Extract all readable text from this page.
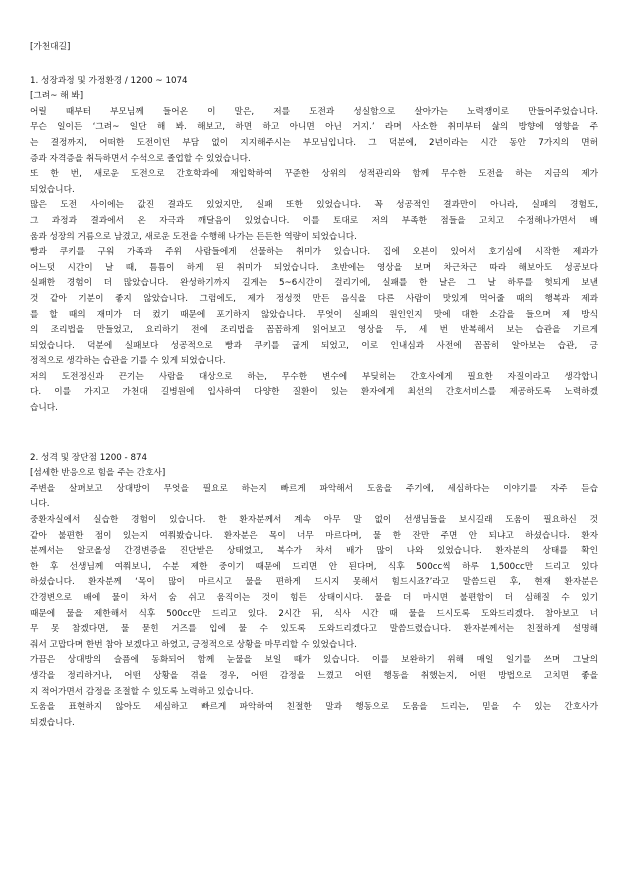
[가천대길]
1. 성장과정 및 가정환경 / 1200 ~ 1074
[그려~ 해 봐]
어릴 때부터 부모님께 들어온 이 말은, 저를 도전과 성실함으로 살아가는 노력쟁이로 만들어주었습니다.
무슨 일이든 ‘그려~ 일단 해 봐. 해보고, 하면 하고 아니면 아닌 거지.’ 라며 사소한 취미부터 삶의 방향에 영향을 주
는 결정까지, 어떠한 도전이던 부담 없이 지지해주시는 부모님입니다. 그 덕분에, 2년이라는 시간 동안 7가지의 면허
증과 자격증을 취득하면서 수석으로 졸업할 수 있었습니다.
또 한 번, 새로운 도전으로 간호학과에 재입학하여 꾸준한 상위의 성적관리와 함께 무수한 도전을 하는 지금의 제가
되었습니다.
많은 도전 사이에는 값진 결과도 있었지만, 실패 또한 있었습니다. 꼭 성공적인 결과만이 아니라, 실패의 경험도,
그 과정과 결과에서 온 자극과 깨달음이 있었습니다. 이를 토대로 저의 부족한 점들을 고치고 수정해나가면서 배
움과 성장의 거름으로 남겼고, 새로운 도전을 수행해 나가는 든든한 역량이 되었습니다.
빵과 쿠키를 구워 가족과 주위 사람들에게 선물하는 취미가 있습니다. 집에 오븐이 있어서 호기심에 시작한 제과가
어느덧 시간이 날 때, 틈틈이 하게 된 취미가 되었습니다. 초반에는 영상을 보며 차근차근 따라 해보아도 성공보다
실패한 경험이 더 많았습니다. 완성하기까지 길게는 5~6시간이 걸리기에, 실패를 한 날은 그 날 하루를 헛되게 보낸
것 같아 기분이 좋지 않았습니다. 그럼에도, 제가 정성껏 만든 음식을 다른 사람이 맛있게 먹어줄 때의 행복과 제과
를 할 때의 재미가 더 컸기 때문에 포기하지 않았습니다. 무엇이 실패의 원인인지 맛에 대한 소감을 들으며 제 방식
의 조리법을 만들었고, 요리하기 전에 조리법을 꼼꼼하게 읽어보고 영상을 두, 세 번 반복해서 보는 습관을 기르게
되었습니다. 덕분에 실패보다 성공적으로 빵과 쿠키를 굽게 되었고, 이로 인내심과 사전에 꼼꼼히 알아보는 습관, 긍
정적으로 생각하는 습관을 기를 수 있게 되었습니다.
저의 도전정신과 끈기는 사람을 대상으로 하는, 무수한 변수에 부딪히는 간호사에게 필요한 자질이라고 생각합니
다. 이를 가지고 가천대 길병원에 입사하여 다양한 질환이 있는 환자에게 최선의 간호서비스를 제공하도록 노력하겠
습니다.
2. 성격 및 장단점 1200 - 874
[섬세한 반응으로 힘을 주는 간호사]
주변을 살펴보고 상대방이 무엇을 필요로 하는지 빠르게 파악해서 도움을 주기에, 세심하다는 이야기를 자주 듣습
니다.
중환자실에서 실습한 경험이 있습니다. 한 환자분께서 계속 아무 말 없이 선생님들을 보시길래 도움이 필요하신 것
같아 불편한 점이 있는지 여쭤봤습니다. 환자분은 목이 너무 마르다며, 물 한 잔만 주면 안 되냐고 하셨습니다. 환자
분께서는 알코올성 간경변증을 진단받은 상태였고, 복수가 차서 배가 많이 나와 있었습니다. 환자분의 상태를 확인
한 후 선생님께 여쭤보니, 수분 제한 중이기 때문에 드리면 안 된다며, 식후 500cc씩 하루 1,500cc만 드리고 있다
하셨습니다. 환자분께 ‘목이 많이 마르시고 물을 편하게 드시지 못해서 힘드시죠?’라고 말씀드린 후, 현재 환자분은
간경변으로 배에 물이 차서 숨 쉬고 움직이는 것이 힘든 상태이시다. 물을 더 마시면 불편함이 더 심해질 수 있기
때문에 물을 제한해서 식후 500cc만 드리고 있다. 2시간 뒤, 식사 시간 때 물을 드시도록 도와드리겠다. 참아보고 너
무 못 참겠다면, 물 묻힌 거즈를 입에 물 수 있도록 도와드리겠다고 말씀드렸습니다. 환자분께서는 친절하게 설명해
줘서 고맙다며 한번 참아 보겠다고 하였고, 긍정적으로 상황을 마무리할 수 있었습니다.
가끔은 상대방의 슬픔에 동화되어 함께 눈물을 보일 때가 있습니다. 이를 보완하기 위해 매일 일기를 쓰며 그날의
생각을 정리하거나, 어떤 상황을 겪을 경우, 어떤 감정을 느꼈고 어떤 행동을 취했는지, 어떤 방법으로 고치면 좋을
지 적어가면서 감정을 조절할 수 있도록 노력하고 있습니다.
도움을 표현하지 않아도 세심하고 빠르게 파악하여 친절한 말과 행동으로 도움을 드리는, 믿을 수 있는 간호사가
되겠습니다.
